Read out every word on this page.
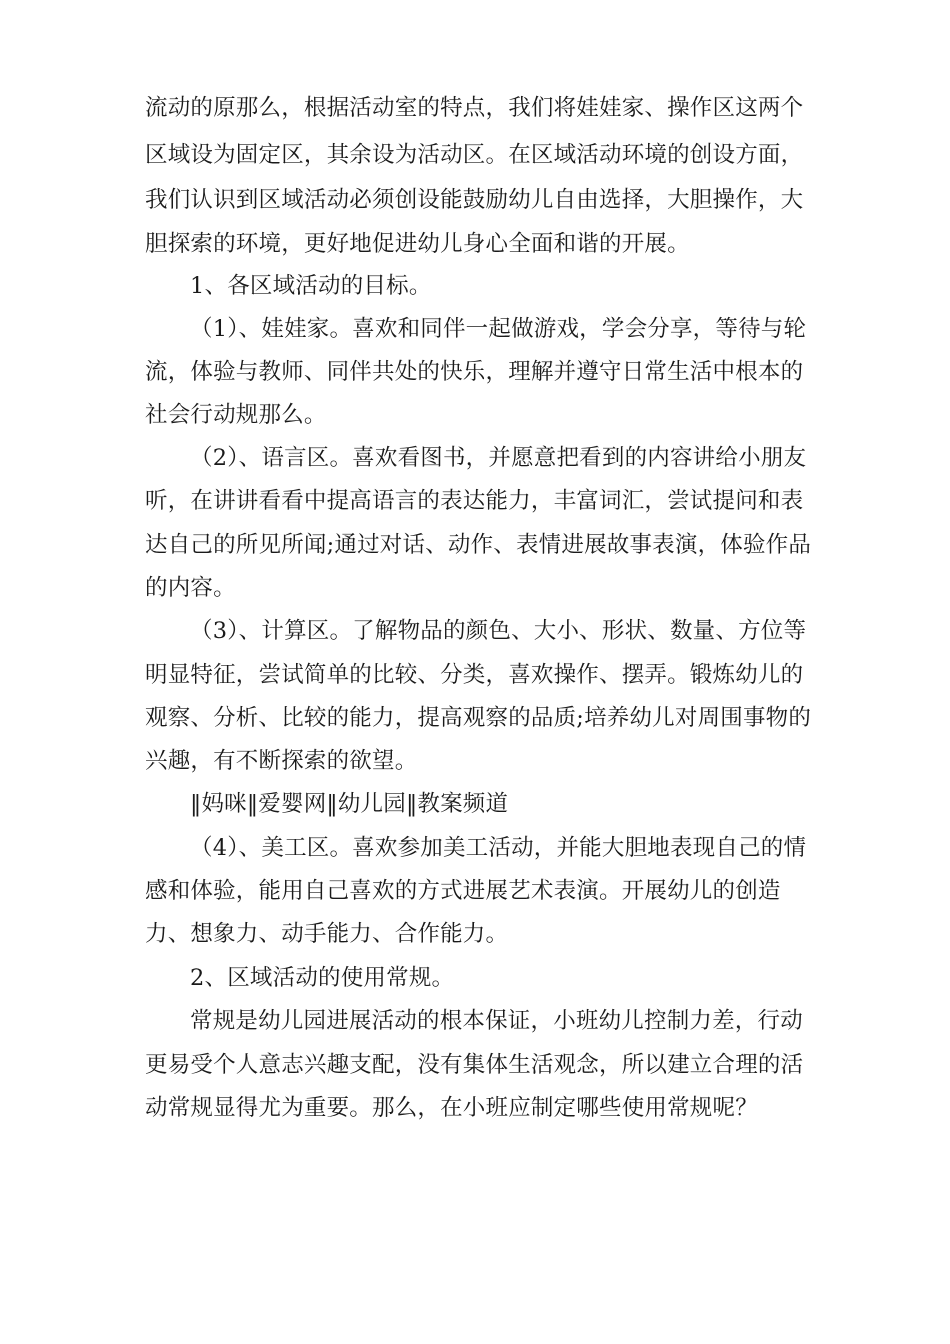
流动的原那么，根据活动室的特点，我们将娃娃家、操作区这两个
区域设为固定区，其余设为活动区。在区域活动环境的创设方面，
我们认识到区域活动必须创设能鼓励幼儿自由选择，大胆操作，大
胆探索的环境，更好地促进幼儿身心全面和谐的开展。
1、各区域活动的目标。
（1）、娃娃家。喜欢和同伴一起做游戏，学会分享，等待与轮
流，体验与教师、同伴共处的快乐，理解并遵守日常生活中根本的
社会行动规那么。
（2）、语言区。喜欢看图书，并愿意把看到的内容讲给小朋友
听，在讲讲看看中提高语言的表达能力，丰富词汇，尝试提问和表
达自己的所见所闻;通过对话、动作、表情进展故事表演，体验作品
的内容。
（3）、计算区。了解物品的颜色、大小、形状、数量、方位等
明显特征，尝试简单的比较、分类，喜欢操作、摆弄。锻炼幼儿的
观察、分析、比较的能力，提高观察的品质;培养幼儿对周围事物的
兴趣，有不断探索的欲望。
‖妈咪‖爱婴网‖幼儿园‖教案频道
（4）、美工区。喜欢参加美工活动，并能大胆地表现自己的情
感和体验，能用自己喜欢的方式进展艺术表演。开展幼儿的创造
力、想象力、动手能力、合作能力。
2、区域活动的使用常规。
常规是幼儿园进展活动的根本保证，小班幼儿控制力差，行动
更易受个人意志兴趣支配，没有集体生活观念，所以建立合理的活
动常规显得尤为重要。那么，在小班应制定哪些使用常规呢？
